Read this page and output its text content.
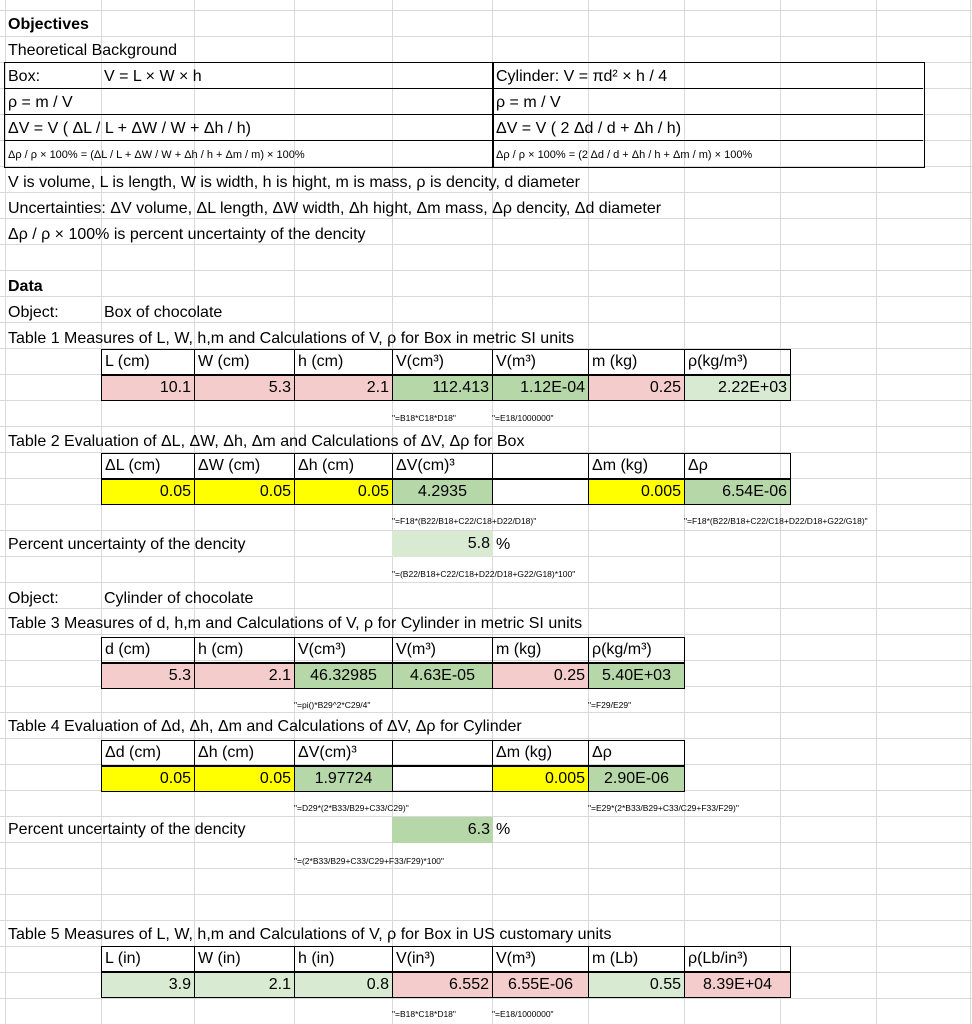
Objectives
Theoretical Background
Box:	V = L × W × h	Cylinder: V = πd² × h / 4
ρ = m / V	ρ = m / V
ΔV = V ( ΔL / L + ΔW / W + Δh / h)	ΔV = V ( 2 Δd / d + Δh / h)
Δρ / ρ × 100% = (ΔL / L + ΔW / W + Δh / h + Δm / m) × 100%	Δρ / ρ × 100% = (2 Δd / d + Δh / h + Δm / m) × 100%
V is volume, L is length, W is width, h is hight, m is mass, ρ is dencity, d diameter
Uncertainties: ΔV volume, ΔL length, ΔW width, Δh hight, Δm mass, Δρ dencity, Δd diameter
Δρ / ρ × 100% is percent uncertainty of the dencity
Data
Object:	Box of chocolate
Table 1 Measures of L, W, h,m and Calculations of V, ρ for Box in metric SI units
L (cm)	W (cm)	h (cm)	V(cm³)	V(m³)	m (kg)	ρ(kg/m³)
10.1	5.3	2.1	112.413	1.12E-04	0.25	2.22E+03
"=B18*C18*D18"	"=E18/1000000"
Table 2 Evaluation of ΔL, ΔW, Δh, Δm and Calculations of ΔV, Δρ for Box
ΔL (cm)	ΔW (cm)	Δh (cm)	ΔV(cm)³	Δm (kg)	Δρ
0.05	0.05	0.05	4.2935	0.005	6.54E-06
"=F18*(B22/B18+C22/C18+D22/D18)"	"=F18*(B22/B18+C22/C18+D22/D18+G22/G18)"
Percent uncertainty of the dencity	5.8 %
"=(B22/B18+C22/C18+D22/D18+G22/G18)*100"
Object:	Cylinder of chocolate
Table 3 Measures of d, h,m and Calculations of V, ρ for Cylinder in metric SI units
d (cm)	h (cm)	V(cm³)	V(m³)	m (kg)	ρ(kg/m³)
5.3	2.1	46.32985	4.63E-05	0.25	5.40E+03
"=pi()*B29^2*C29/4"	"=F29/E29"
Table 4 Evaluation of Δd, Δh, Δm and Calculations of ΔV, Δρ for Cylinder
Δd (cm)	Δh (cm)	ΔV(cm)³	Δm (kg)	Δρ
0.05	0.05	1.97724	0.005	2.90E-06
"=D29*(2*B33/B29+C33/C29)"	"=E29*(2*B33/B29+C33/C29+F33/F29)"
Percent uncertainty of the dencity	6.3 %
"=(2*B33/B29+C33/C29+F33/F29)*100"
Table 5 Measures of L, W, h,m and Calculations of V, ρ for Box in US customary units
L (in)	W (in)	h (in)	V(in³)	V(m³)	m (Lb)	ρ(Lb/in³)
3.9	2.1	0.8	6.552	6.55E-06	0.55	8.39E+04
"=B18*C18*D18"	"=E18/1000000"
